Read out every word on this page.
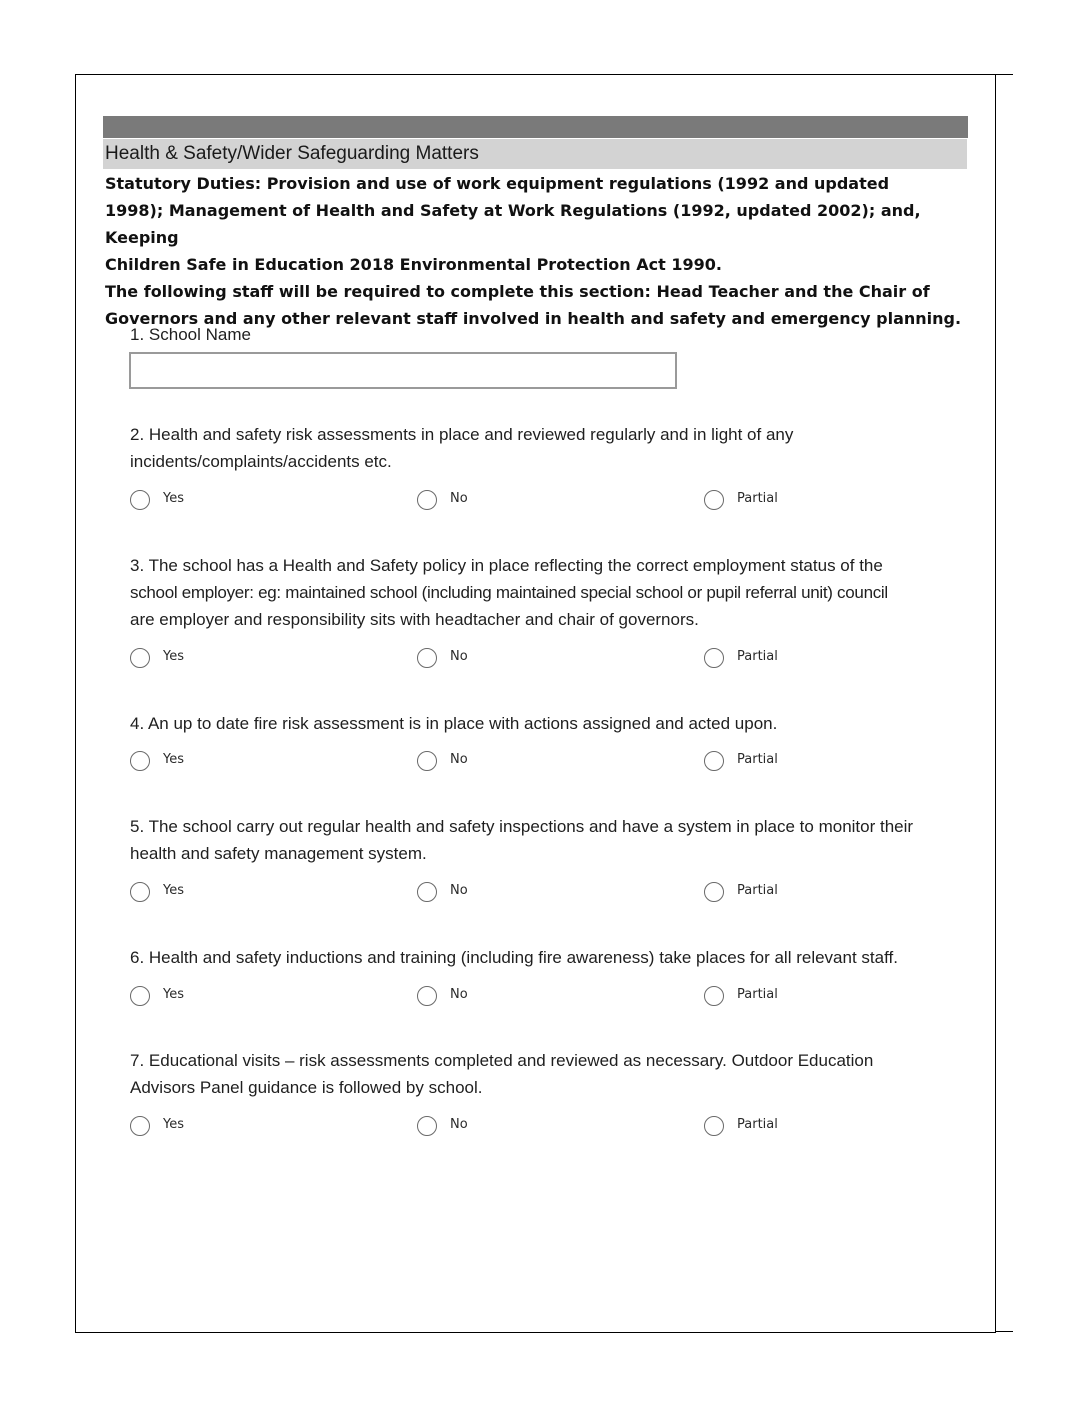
Health & Safety/Wider Safeguarding Matters

Statutory Duties: Provision and use of work equipment regulations (1992 and updated

1998); Management of Health and Safety at Work Regulations (1992, updated 2002); and, Keeping

Children Safe in Education 2018 Environmental Protection Act 1990.

The following staff will be required to complete this section: Head Teacher and the Chair of

Governors and any other relevant staff involved in health and safety and emergency planning.

1. School Name

2. Health and safety risk assessments in place and reviewed regularly and in light of any

incidents/complaints/accidents etc.

Yes	No	Partial

3. The school has a Health and Safety policy in place reflecting the correct employment status of the

school employer: eg: maintained school (including maintained special school or pupil referral unit) council

are employer and responsibility sits with headtacher and chair of governors.

Yes	No	Partial

4. An up to date fire risk assessment is in place with actions assigned and acted upon.

Yes	No	Partial

5. The school carry out regular health and safety inspections and have a system in place to monitor their

health and safety management system.

Yes	No	Partial

6. Health and safety inductions and training (including fire awareness) take places for all relevant staff.

Yes	No	Partial

7. Educational visits – risk assessments completed and reviewed as necessary. Outdoor Education

Advisors Panel guidance is followed by school.

Yes	No	Partial
